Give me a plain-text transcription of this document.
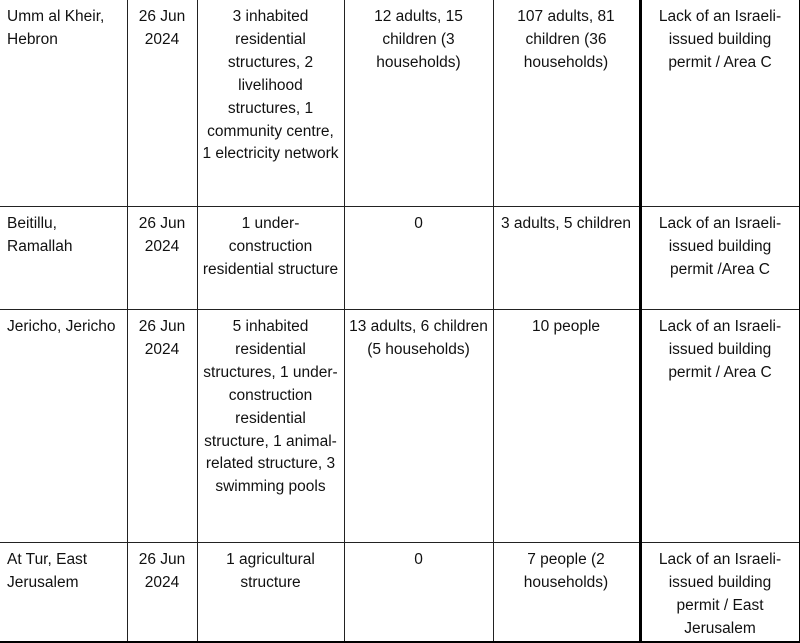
Umm al Kheir, Hebron	26 Jun 2024	3 inhabited residential structures, 2 livelihood structures, 1 community centre, 1 electricity network	12 adults, 15 children (3 households)	107 adults, 81 children (36 households)	Lack of an Israeli-issued building permit / Area C
Beitillu, Ramallah	26 Jun 2024	1 under-construction residential structure	0	3 adults, 5 children	Lack of an Israeli-issued building permit /Area C
Jericho, Jericho	26 Jun 2024	5 inhabited residential structures, 1 under-construction residential structure, 1 animal-related structure, 3 swimming pools	13 adults, 6 children (5 households)	10 people	Lack of an Israeli-issued building permit / Area C
At Tur, East Jerusalem	26 Jun 2024	1 agricultural structure	0	7 people (2 households)	Lack of an Israeli-issued building permit / East Jerusalem
